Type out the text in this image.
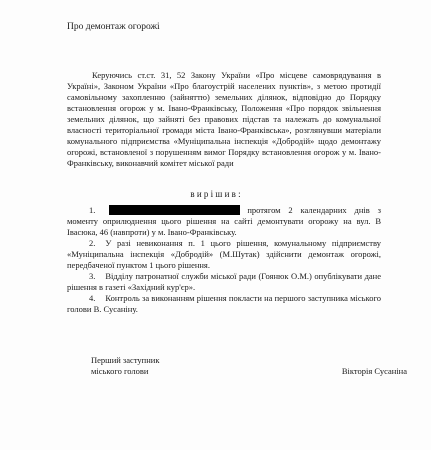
Про демонтаж огорожі

Керуючись ст.ст. 31, 52 Закону України «Про місцеве самоврядування в Україні», Законом України «Про благоустрій населених пунктів», з метою протидії самовільному захопленню (зайняттю) земельних ділянок, відповідно до Порядку встановлення огорож у м. Івано-Франківську, Положення «Про порядок звільнення земельних ділянок, що зайняті без правових підстав та належать до комунальної власності територіальної громади міста Івано-Франківська», розглянувши матеріали комунального підприємства «Муніципальна інспекція «Добродій» щодо демонтажу огорожі, встановленої з порушенням вимог Порядку встановлення огорож у м. Івано-Франківську, виконавчий комітет міської ради

в и р і ш и в :

1.	протягом 2 календарних днів з моменту оприлюднення цього рішення на сайті демонтувати огорожу на вул. В Івасюка, 46 (навпроти) у м. Івано-Франківську.

2. У разі невиконання п. 1 цього рішення, комунальному підприємству «Муніципальна інспекція «Добродій» (М.Шутак) здійснити демонтаж огорожі, передбаченої пунктом 1 цього рішення.

3. Відділу патронатної служби міської ради (Гоянюк О.М.) опублікувати дане рішення в газеті «Західний кур'єр».

4. Контроль за виконанням рішення покласти на першого заступника міського голови В. Сусаніну.

Перший заступник
міського голови	Вікторія Сусаніна
